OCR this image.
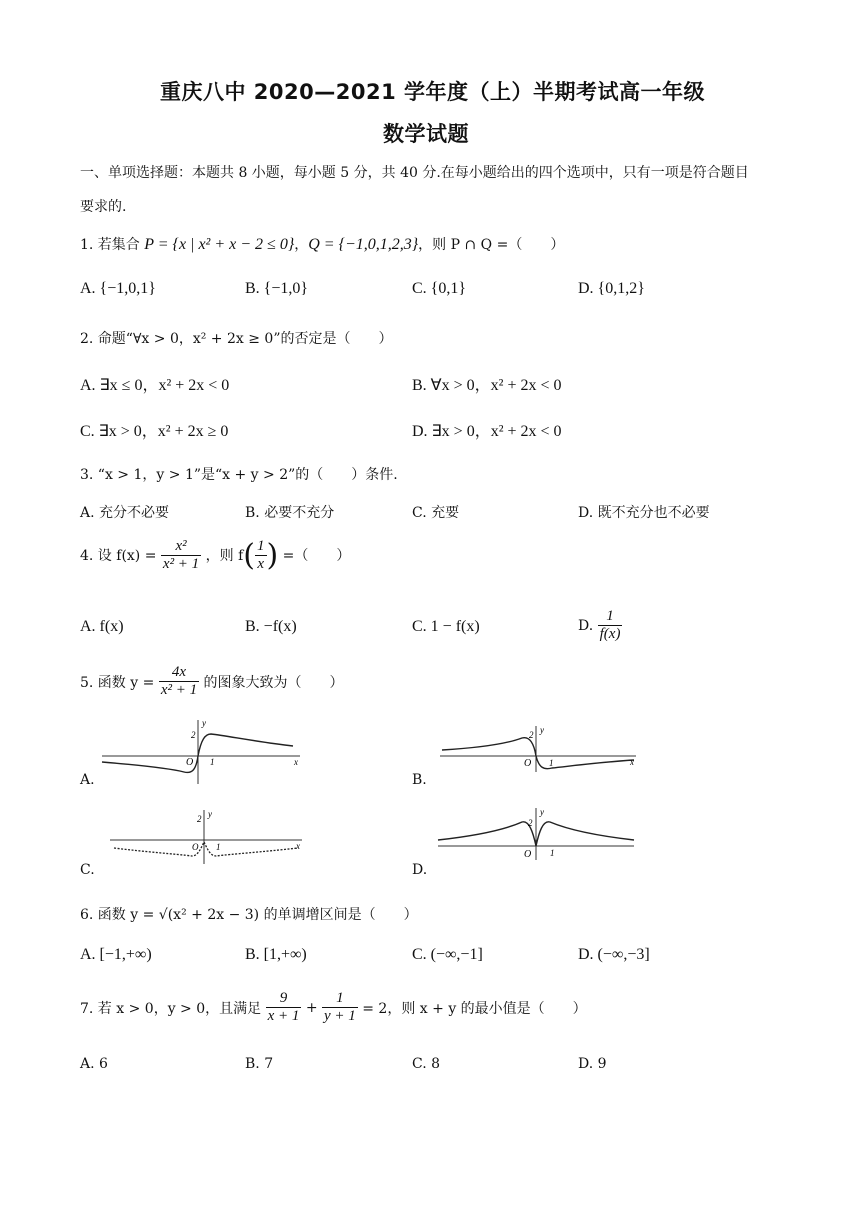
重庆八中 2020—2021 学年度（上）半期考试高一年级
数学试题
一、单项选择题：本题共 8 小题，每小题 5 分，共 40 分.在每小题给出的四个选项中，只有一项是符合题目
要求的.
1. 若集合 P = {x | x² + x − 2 ≤ 0}，Q = {−1,0,1,2,3}，则 P ∩ Q =（　　）
A. {−1,0,1}	B. {−1,0}	C. {0,1}	D. {0,1,2}
2. 命题“∀x > 0，x² + 2x ≥ 0”的否定是（　　）
A. ∃x ≤ 0，x² + 2x < 0	B. ∀x > 0，x² + 2x < 0
C. ∃x > 0，x² + 2x ≥ 0	D. ∃x > 0，x² + 2x < 0
3. “x > 1，y > 1”是“x + y > 2”的（　　）条件.
A. 充分不必要	B. 必要不充分	C. 充要	D. 既不充分也不必要
4. 设 $f(x) = \frac{\text{x²}}{\text{x² + 1}}$ ，则 $f( \frac{1}{x}$ ) =（　　）
A. f(x)	B. −f(x)	C. 1 − f(x)	D. $\frac{1}{f(x)}$
5. 函数 $y = \frac{4x}{\text{x² + 1}}$ 的图象大致为（　　）
A.	B.
C.	D.
O 1
2
x
y
O 1
2
x
y
O 1
2
x
y
O 1
2
y
6. 函数 y = √(x² + 2x − 3) 的单调增区间是（　　）
A. [−1,+∞)	B. [1,+∞)	C. (−∞,−1]	D. (−∞,−3]
7. 若 x > 0，y > 0，且满足 $\frac{9}{x + 1} + \frac{1}{y + 1} = 2$，则 x + y 的最小值是（　　）
A. 6	B. 7	C. 8	D. 9
